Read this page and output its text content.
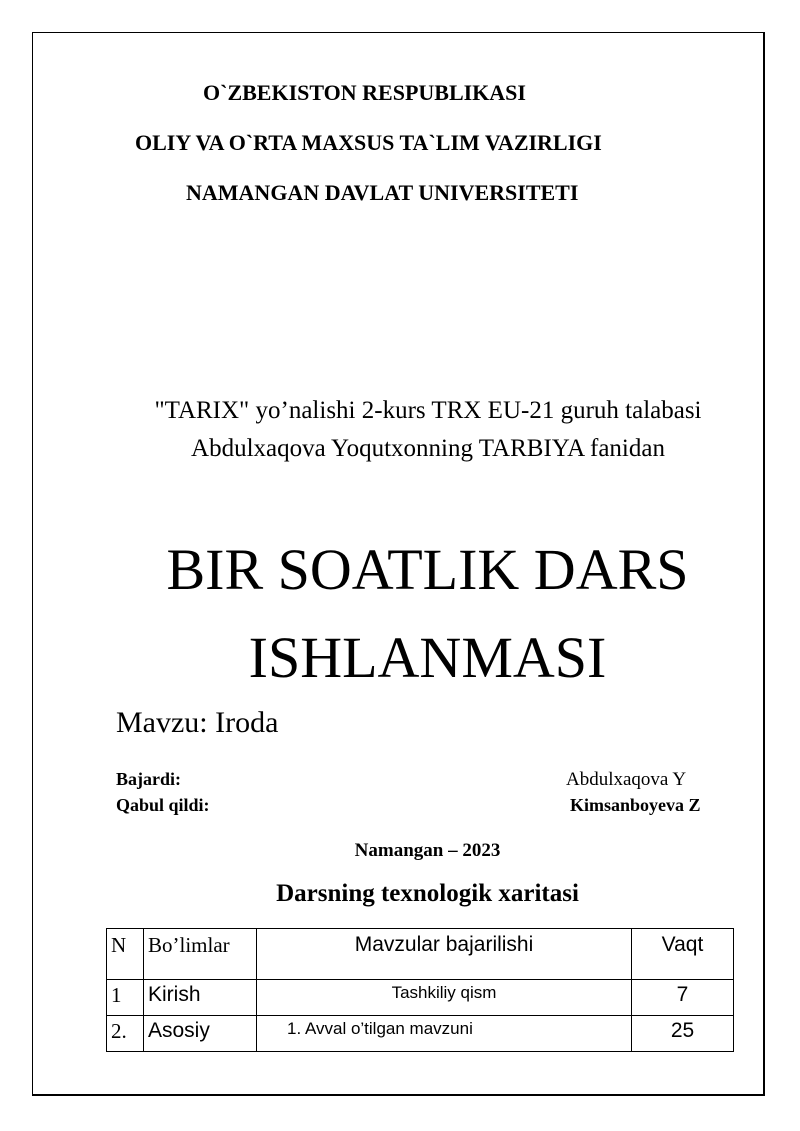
O`ZBEKISTON RESPUBLIKASI
OLIY VA O`RTA MAXSUS TA`LIM VAZIRLIGI
NAMANGAN DAVLAT UNIVERSITETI
"TARIX" yo’nalishi 2-kurs TRX EU-21 guruh talabasi Abdulxaqova Yoqutxonning TARBIYA fanidan
BIR SOATLIK DARS ISHLANMASI
Mavzu: Iroda
Bajardi:	Abdulxaqova Y
Qabul qildi:	Kimsanboyeva Z
Namangan – 2023
Darsning texnologik xaritasi
N	Bo’limlar	Mavzular bajarilishi	Vaqt
1	Kirish	Tashkiliy qism	7
2.	Asosiy	1. Avval o’tilgan mavzuni	25
